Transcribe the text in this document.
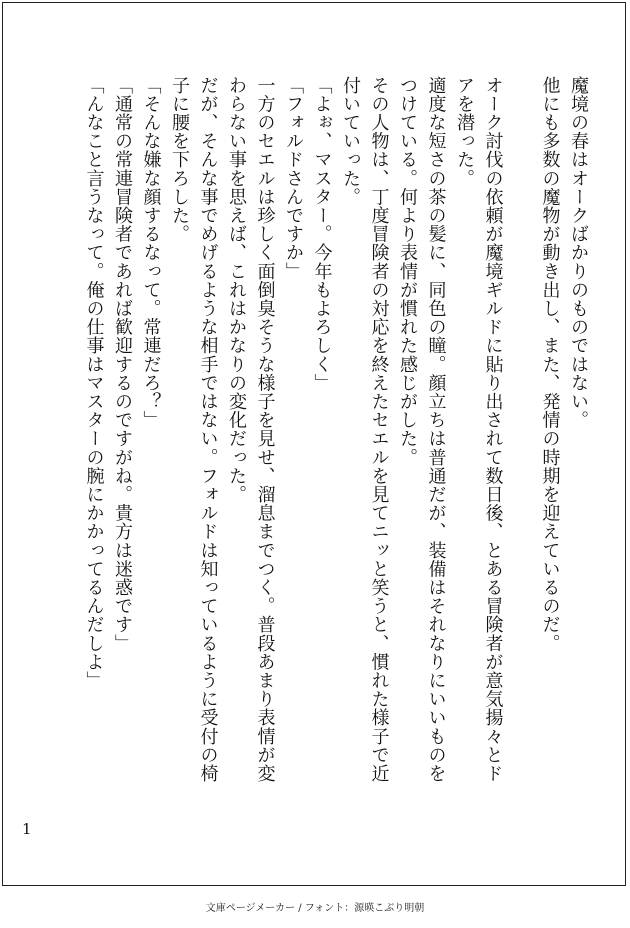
魔境の春はオークばかりのものではない。

他にも多数の魔物が動き出し、また、発情の時期を迎えているのだ。

オーク討伐の依頼が魔境ギルドに貼り出されて数日後、とある冒険者が意気揚々とド

アを潜った。

適度な短さの茶の髪に、同色の瞳。顔立ちは普通だが、装備はそれなりにいいものを

つけている。何より表情が慣れた感じがした。

その人物は、丁度冒険者の対応を終えたセエルを見てニッと笑うと、慣れた様子で近

付いていった。

「よぉ、マスター。今年もよろしく」

「フォルドさんですか」

一方のセエルは珍しく面倒臭そうな様子を見せ、溜息までつく。普段あまり表情が変

わらない事を思えば、これはかなりの変化だった。

だが、そんな事でめげるような相手ではない。フォルドは知っているように受付の椅

子に腰を下ろした。

「そんな嫌な顔するなって。常連だろ？」

「通常の常連冒険者であれば歓迎するのですがね。貴方は迷惑です」

「んなこと言うなって。俺の仕事はマスターの腕にかかってるんだしよ」

1
文庫ページメーカー / フォント：源暎こぶり明朝
